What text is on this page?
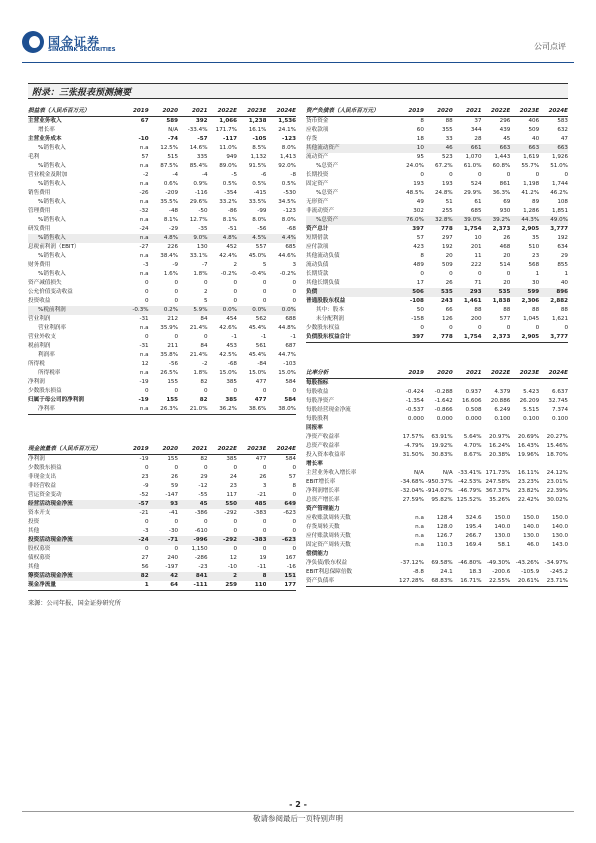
国金证券
SINOLINK SECURITIES	公司点评
附录：三张报表预测摘要
损益表（人民币百万元）	2019	2020	2021	2022E	2023E	2024E
主营业务收入	67	589	392	1,066	1,238	1,536
增长率		N/A	-33.4%	171.7%	16.1%	24.1%
主营业务成本	-10	-74	-57	-117	-105	-123
%销售收入	n.a	12.5%	14.6%	11.0%	8.5%	8.0%
毛利	57	515	335	949	1,132	1,413
%销售收入	n.a	87.5%	85.4%	89.0%	91.5%	92.0%
营业税金及附加	-2	-4	-4	-5	-6	-8
%销售收入	n.a	0.6%	0.9%	0.5%	0.5%	0.5%
销售费用	-26	-209	-116	-354	-415	-530
%销售收入	n.a	35.5%	29.6%	33.2%	33.5%	34.5%
管理费用	-32	-48	-50	-86	-99	-123
%销售收入	n.a	8.1%	12.7%	8.1%	8.0%	8.0%
研发费用	-24	-29	-35	-51	-56	-68
%销售收入	n.a	4.8%	9.0%	4.8%	4.5%	4.4%
息税前利润（EBIT）	-27	226	130	452	557	685
%销售收入	n.a	38.4%	33.1%	42.4%	45.0%	44.6%
财务费用	-3	-9	-7	2	5	3
%销售收入	n.a	1.6%	1.8%	-0.2%	-0.4%	-0.2%
资产减值损失	0	0	0	0	0	0
公允价值变动收益	0	0	2	0	0	0
投资收益	0	0	5	0	0	0
%税前利润	-0.3%	0.2%	5.9%	0.0%	0.0%	0.0%
营业利润	-31	212	84	454	562	688
营业利润率	n.a	35.9%	21.4%	42.6%	45.4%	44.8%
营业外收支	0	0	0	-1	-1	-1
税前利润	-31	211	84	453	561	687
利润率	n.a	35.8%	21.4%	42.5%	45.4%	44.7%
所得税	12	-56	-2	-68	-84	-103
所得税率	n.a	26.5%	1.8%	15.0%	15.0%	15.0%
净利润	-19	155	82	385	477	584
少数股东损益	0	0	0	0	0	0
归属于母公司的净利润	-19	155	82	385	477	584
净利率	n.a	26.3%	21.0%	36.2%	38.6%	38.0%
资产负债表（人民币百万元）	2019	2020	2021	2022E	2023E	2024E
货币资金	8	88	37	296	406	583
应收款项	60	355	344	439	509	632
存货	18	33	28	45	40	47
其他流动资产	10	46	661	663	663	663
流动资产	95	523	1,070	1,443	1,619	1,926
%总资产	24.0%	67.2%	61.0%	60.8%	55.7%	51.0%
长期投资	0	0	0	0	0	0
固定资产	193	193	524	861	1,198	1,744
%总资产	48.5%	24.8%	29.9%	36.3%	41.2%	46.2%
无形资产	49	51	61	69	89	108
非流动资产	302	255	685	930	1,286	1,851
%总资产	76.0%	32.8%	39.0%	39.2%	44.3%	49.0%
资产总计	397	778	1,754	2,373	2,905	3,777
短期借款	57	297	10	26	35	192
应付款项	423	192	201	468	510	634
其他流动负债	8	20	11	20	23	29
流动负债	489	509	222	514	568	855
长期贷款	0	0	0	0	1	1
其他长期负债	17	26	71	20	30	40
负债	506	535	293	535	599	896
普通股股东权益	-108	243	1,461	1,838	2,306	2,882
其中：股本	50	66	88	88	88	88
未分配利润	-158	126	200	577	1,045	1,621
少数股东权益	0	0	0	0	0	0
负债股东权益合计	397	778	1,754	2,373	2,905	3,777
比率分析	2019	2020	2021	2022E	2023E	2024E
每股指标						
每股收益	-0.424	-0.288	0.937	4.379	5.423	6.637
每股净资产	-1.354	-1.642	16.606	20.886	26.209	32.745
每股经营现金净流	-0.537	-0.866	0.508	6.249	5.515	7.374
每股股利	0.000	0.000	0.000	0.100	0.100	0.100
回报率						
净资产收益率	17.57%	63.91%	5.64%	20.97%	20.69%	20.27%
总资产收益率	-4.79%	19.92%	4.70%	16.24%	16.43%	15.46%
投入资本收益率	31.50%	30.83%	8.67%	20.38%	19.96%	18.70%
增长率						
主营业务收入增长率	N/A	N/A	-33.41%	171.73%	16.11%	24.12%
EBIT增长率	-34.68%	-950.37%	-42.53%	247.58%	23.23%	23.01%
净利润增长率	-32.04%	-914.07%	-46.79%	367.37%	23.82%	22.39%
总资产增长率	27.59%	95.82%	125.52%	35.26%	22.42%	30.02%
资产管理能力						
应收账款周转天数	n.a	128.4	324.6	150.0	150.0	150.0
存货周转天数	n.a	128.0	195.4	140.0	140.0	140.0
应付账款周转天数	n.a	126.7	266.7	130.0	130.0	130.0
固定资产周转天数	n.a	110.3	169.4	58.1	46.0	143.0
偿债能力						
净负债/股东权益	-37.12%	69.58%	-46.80%	-49.30%	-43.26%	-34.97%
EBIT利息保障倍数	-8.8	24.1	18.3	-200.6	-105.9	-245.2
资产负债率	127.28%	68.83%	16.71%	22.55%	20.61%	23.71%
现金流量表（人民币百万元）	2019	2020	2021	2022E	2023E	2024E
净利润	-19	155	82	385	477	584
少数股东损益	0	0	0	0	0	0
非现金支出	23	26	29	24	26	57
非经营收益	-9	59	-12	23	3	8
营运资金变动	-52	-147	-55	117	-21	0
经营活动现金净流	-57	93	45	550	485	649
资本开支	-21	-41	-386	-292	-383	-623
投资	0	0	0	0	0	0
其他	-3	-30	-610	0	0	0
投资活动现金净流	-24	-71	-996	-292	-383	-623
股权募资	0	0	1,150	0	0	0
债权募资	27	240	-286	12	19	167
其他	56	-197	-23	-10	-11	-16
筹资活动现金净流	82	42	841	2	8	151
现金净流量	1	64	-111	259	110	177
来源：公司年报、国金证券研究所
- 2 -
敬请参阅最后一页特别声明
